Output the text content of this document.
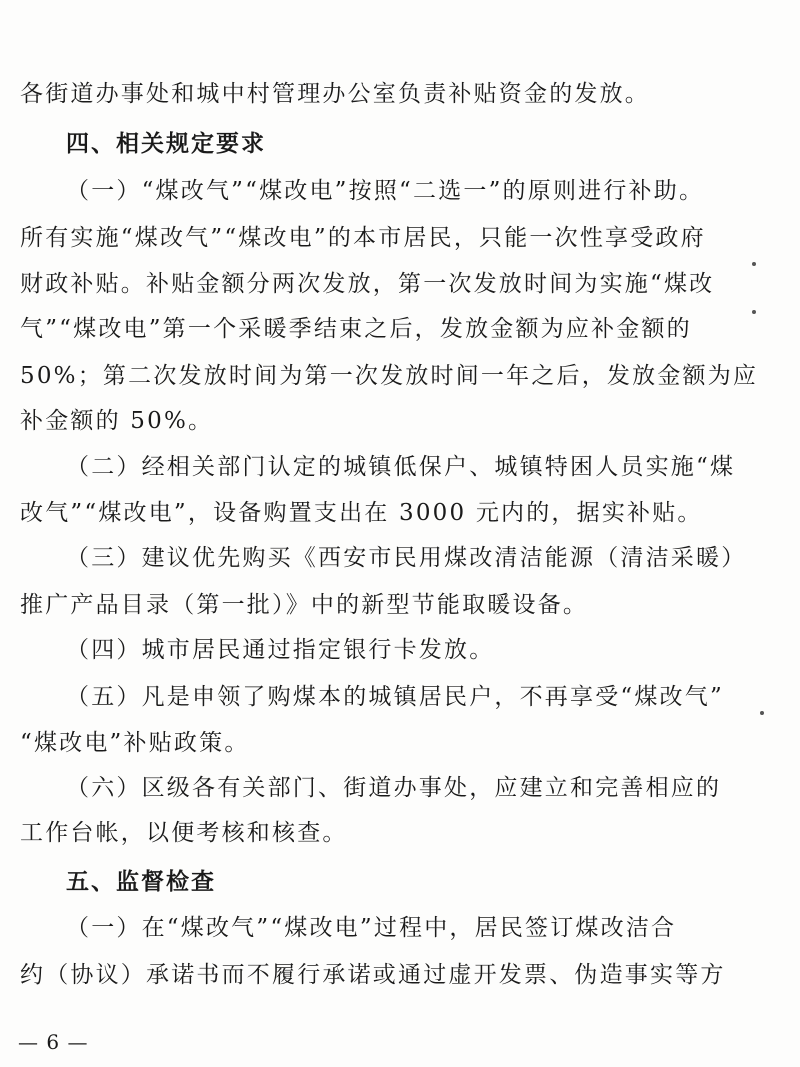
各街道办事处和城中村管理办公室负责补贴资金的发放。
四、相关规定要求
（一）“煤改气”“煤改电”按照“二选一”的原则进行补助。
所有实施“煤改气”“煤改电”的本市居民，只能一次性享受政府
财政补贴。补贴金额分两次发放，第一次发放时间为实施“煤改
气”“煤改电”第一个采暖季结束之后，发放金额为应补金额的
50%；第二次发放时间为第一次发放时间一年之后，发放金额为应
补金额的 50%。
（二）经相关部门认定的城镇低保户、城镇特困人员实施“煤
改气”“煤改电”，设备购置支出在 3000 元内的，据实补贴。
（三）建议优先购买《西安市民用煤改清洁能源（清洁采暖）
推广产品目录（第一批）》中的新型节能取暖设备。
（四）城市居民通过指定银行卡发放。
（五）凡是申领了购煤本的城镇居民户，不再享受“煤改气”
“煤改电”补贴政策。
（六）区级各有关部门、街道办事处，应建立和完善相应的
工作台帐，以便考核和核查。
五、监督检查
（一）在“煤改气”“煤改电”过程中，居民签订煤改洁合
约（协议）承诺书而不履行承诺或通过虚开发票、伪造事实等方
— 6 —
